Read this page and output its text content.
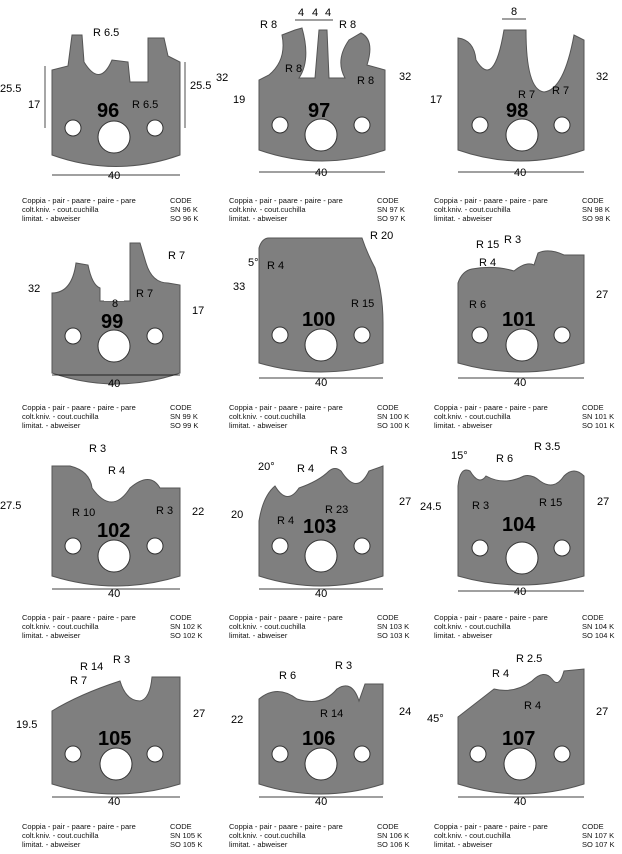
96
40
R 6.5
R 6.5
25.5	25.5
17	97
40
R 8	R 8
R 8
R 8
4 4 4
32	32
19	98
40
8
R 7 R 7
32
17
99
40
R 7
R 7
8
32
17	100
40
R 20
5° R 4
33
R 15
101
40
R 15 R 3
R 4
R 6
27
102
40
R 3
R 4
R 10	R 3
27.5	22
103
40
20° R 4
R 3
R 23
R 4
20
27
104
40
15°	R 6
R 3.5
R 3	R 15
24.5	27
105
40
R 14
R 3
R 7
19.5
27
106
40
R 6
R 3
R 14
22
24
107
40
R 2.5
R 4
R 4
45°
27
Coppia - pair - paare - paire - pare
colt.kniv. - cout.cuchilla
limitat. - abweiser
CODE
SN 96 K
SO 96 K
Coppia - pair - paare - paire - pare
colt.kniv. - cout.cuchilla
limitat. - abweiser
CODE
SN 97 K
SO 97 K
Coppia - pair - paare - paire - pare
colt.kniv. - cout.cuchilla
limitat. - abweiser
CODE
SN 98 K
SO 98 K
Coppia - pair - paare - paire - pare
colt.kniv. - cout.cuchilla
limitat. - abweiser
CODE
SN 99 K
SO 99 K
Coppia - pair - paare - paire - pare
colt.kniv. - cout.cuchilla
limitat. - abweiser
CODE
SN 100 K
SO 100 K
Coppia - pair - paare - paire - pare
colt.kniv. - cout.cuchilla
limitat. - abweiser
CODE
SN 101 K
SO 101 K
Coppia - pair - paare - paire - pare
colt.kniv. - cout.cuchilla
limitat. - abweiser
CODE
SN 102 K
SO 102 K
Coppia - pair - paare - paire - pare
colt.kniv. - cout.cuchilla
limitat. - abweiser
CODE
SN 103 K
SO 103 K
Coppia - pair - paare - paire - pare
colt.kniv. - cout.cuchilla
limitat. - abweiser
CODE
SN 104 K
SO 104 K
Coppia - pair - paare - paire - pare
colt.kniv. - cout.cuchilla
limitat. - abweiser
CODE
SN 105 K
SO 105 K
Coppia - pair - paare - paire - pare
colt.kniv. - cout.cuchilla
limitat. - abweiser
CODE
SN 106 K
SO 106 K
Coppia - pair - paare - paire - pare
colt.kniv. - cout.cuchilla
limitat. - abweiser
CODE
SN 107 K
SO 107 K
